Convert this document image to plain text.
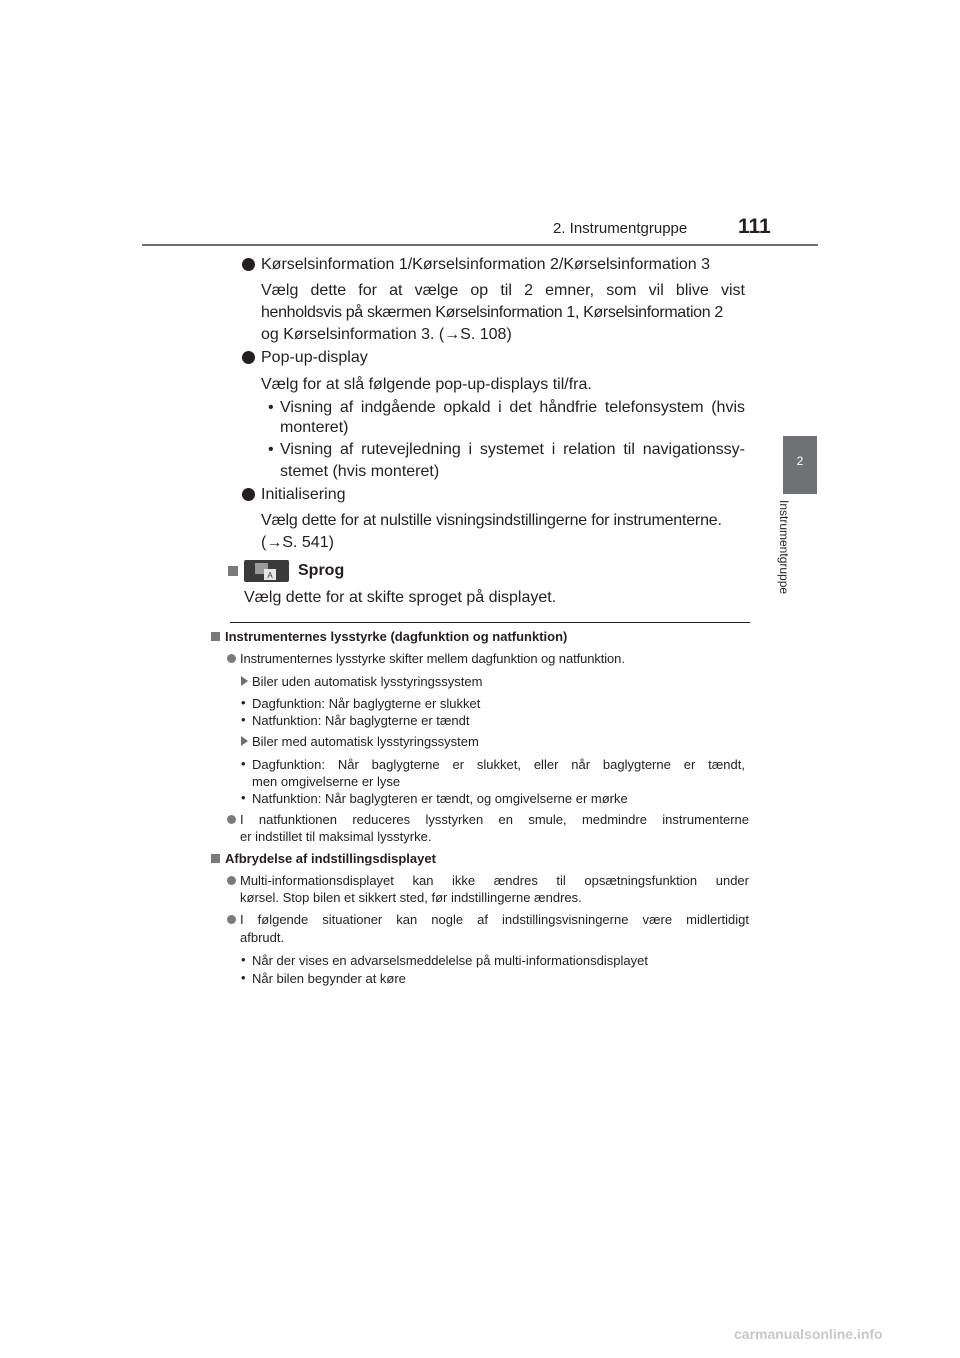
2. Instrumentgruppe 111
2
Instrumentgruppe
Kørselsinformation 1/Kørselsinformation 2/Kørselsinformation 3
Vælg dette for at vælge op til 2 emner, som vil blive vist
henholdsvis på skærmen Kørselsinformation 1, Kørselsinformation 2
og Kørselsinformation 3. (→S. 108)
Pop-up-display
Vælg for at slå følgende pop-up-displays til/fra.
• Visning af indgående opkald i det håndfrie telefonsystem (hvis
monteret)
• Visning af rutevejledning i systemet i relation til navigationssy-
stemet (hvis monteret)
Initialisering
Vælg dette for at nulstille visningsindstillingerne for instrumenterne.
(→S. 541)
A Sprog
Vælg dette for at skifte sproget på displayet.
Instrumenternes lysstyrke (dagfunktion og natfunktion)
Instrumenternes lysstyrke skifter mellem dagfunktion og natfunktion.
Biler uden automatisk lysstyringssystem
• Dagfunktion: Når baglygterne er slukket
• Natfunktion: Når baglygterne er tændt
Biler med automatisk lysstyringssystem
• Dagfunktion: Når baglygterne er slukket, eller når baglygterne er tændt,
men omgivelserne er lyse
• Natfunktion: Når baglygteren er tændt, og omgivelserne er mørke
I natfunktionen reduceres lysstyrken en smule, medmindre instrumenterne
er indstillet til maksimal lysstyrke.
Afbrydelse af indstillingsdisplayet
Multi-informationsdisplayet kan ikke ændres til opsætningsfunktion under
kørsel. Stop bilen et sikkert sted, før indstillingerne ændres.
I følgende situationer kan nogle af indstillingsvisningerne være midlertidigt
afbrudt.
• Når der vises en advarselsmeddelelse på multi-informationsdisplayet
• Når bilen begynder at køre
carmanualsonline.info
